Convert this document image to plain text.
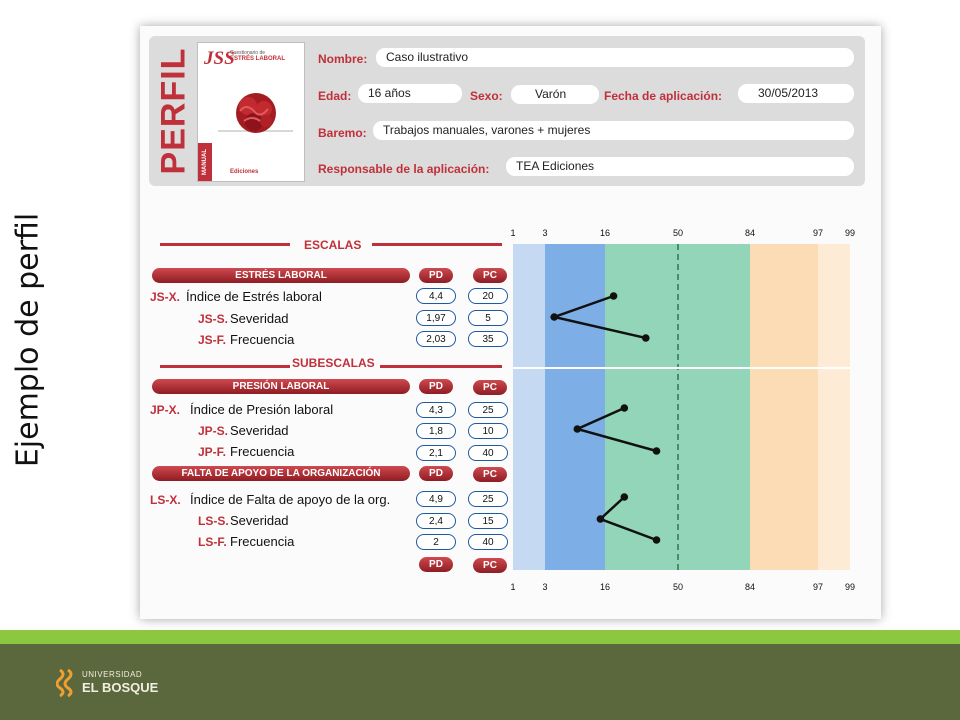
Ejemplo de perfil
PERFIL JSS
Cuestionario de
ESTRÉS LABORAL
MANUAL	Ediciones
Nombre:	Caso ilustrativo
Edad:	16 años	Sexo:	Varón	Fecha de aplicación:	30/05/2013
Baremo:	Trabajos manuales, varones + mujeres
Responsable de la aplicación:	TEA Ediciones
ESCALAS
SUBESCALAS
ESTRÉS LABORAL	PD	PC
JS-X. Índice de Estrés laboral	4,4	20
JS-S. Severidad	1,97	5
JS-F. Frecuencia	2,03	35
PRESIÓN LABORAL	PD	PC
JP-X. Índice de Presión laboral	4,3	25
JP-S. Severidad	1,8	10
JP-F. Frecuencia	2,1	40
FALTA DE APOYO DE LA ORGANIZACIÓN	PD	PC
LS-X. Índice de Falta de apoyo de la org.	4,9	25
LS-S. Severidad	2,4	15
LS-F. Frecuencia	2	40
PD	PC
1
1
3
3
16
16
50
50
84
84
97
97
99
99
UNIVERSIDAD
EL BOSQUE
